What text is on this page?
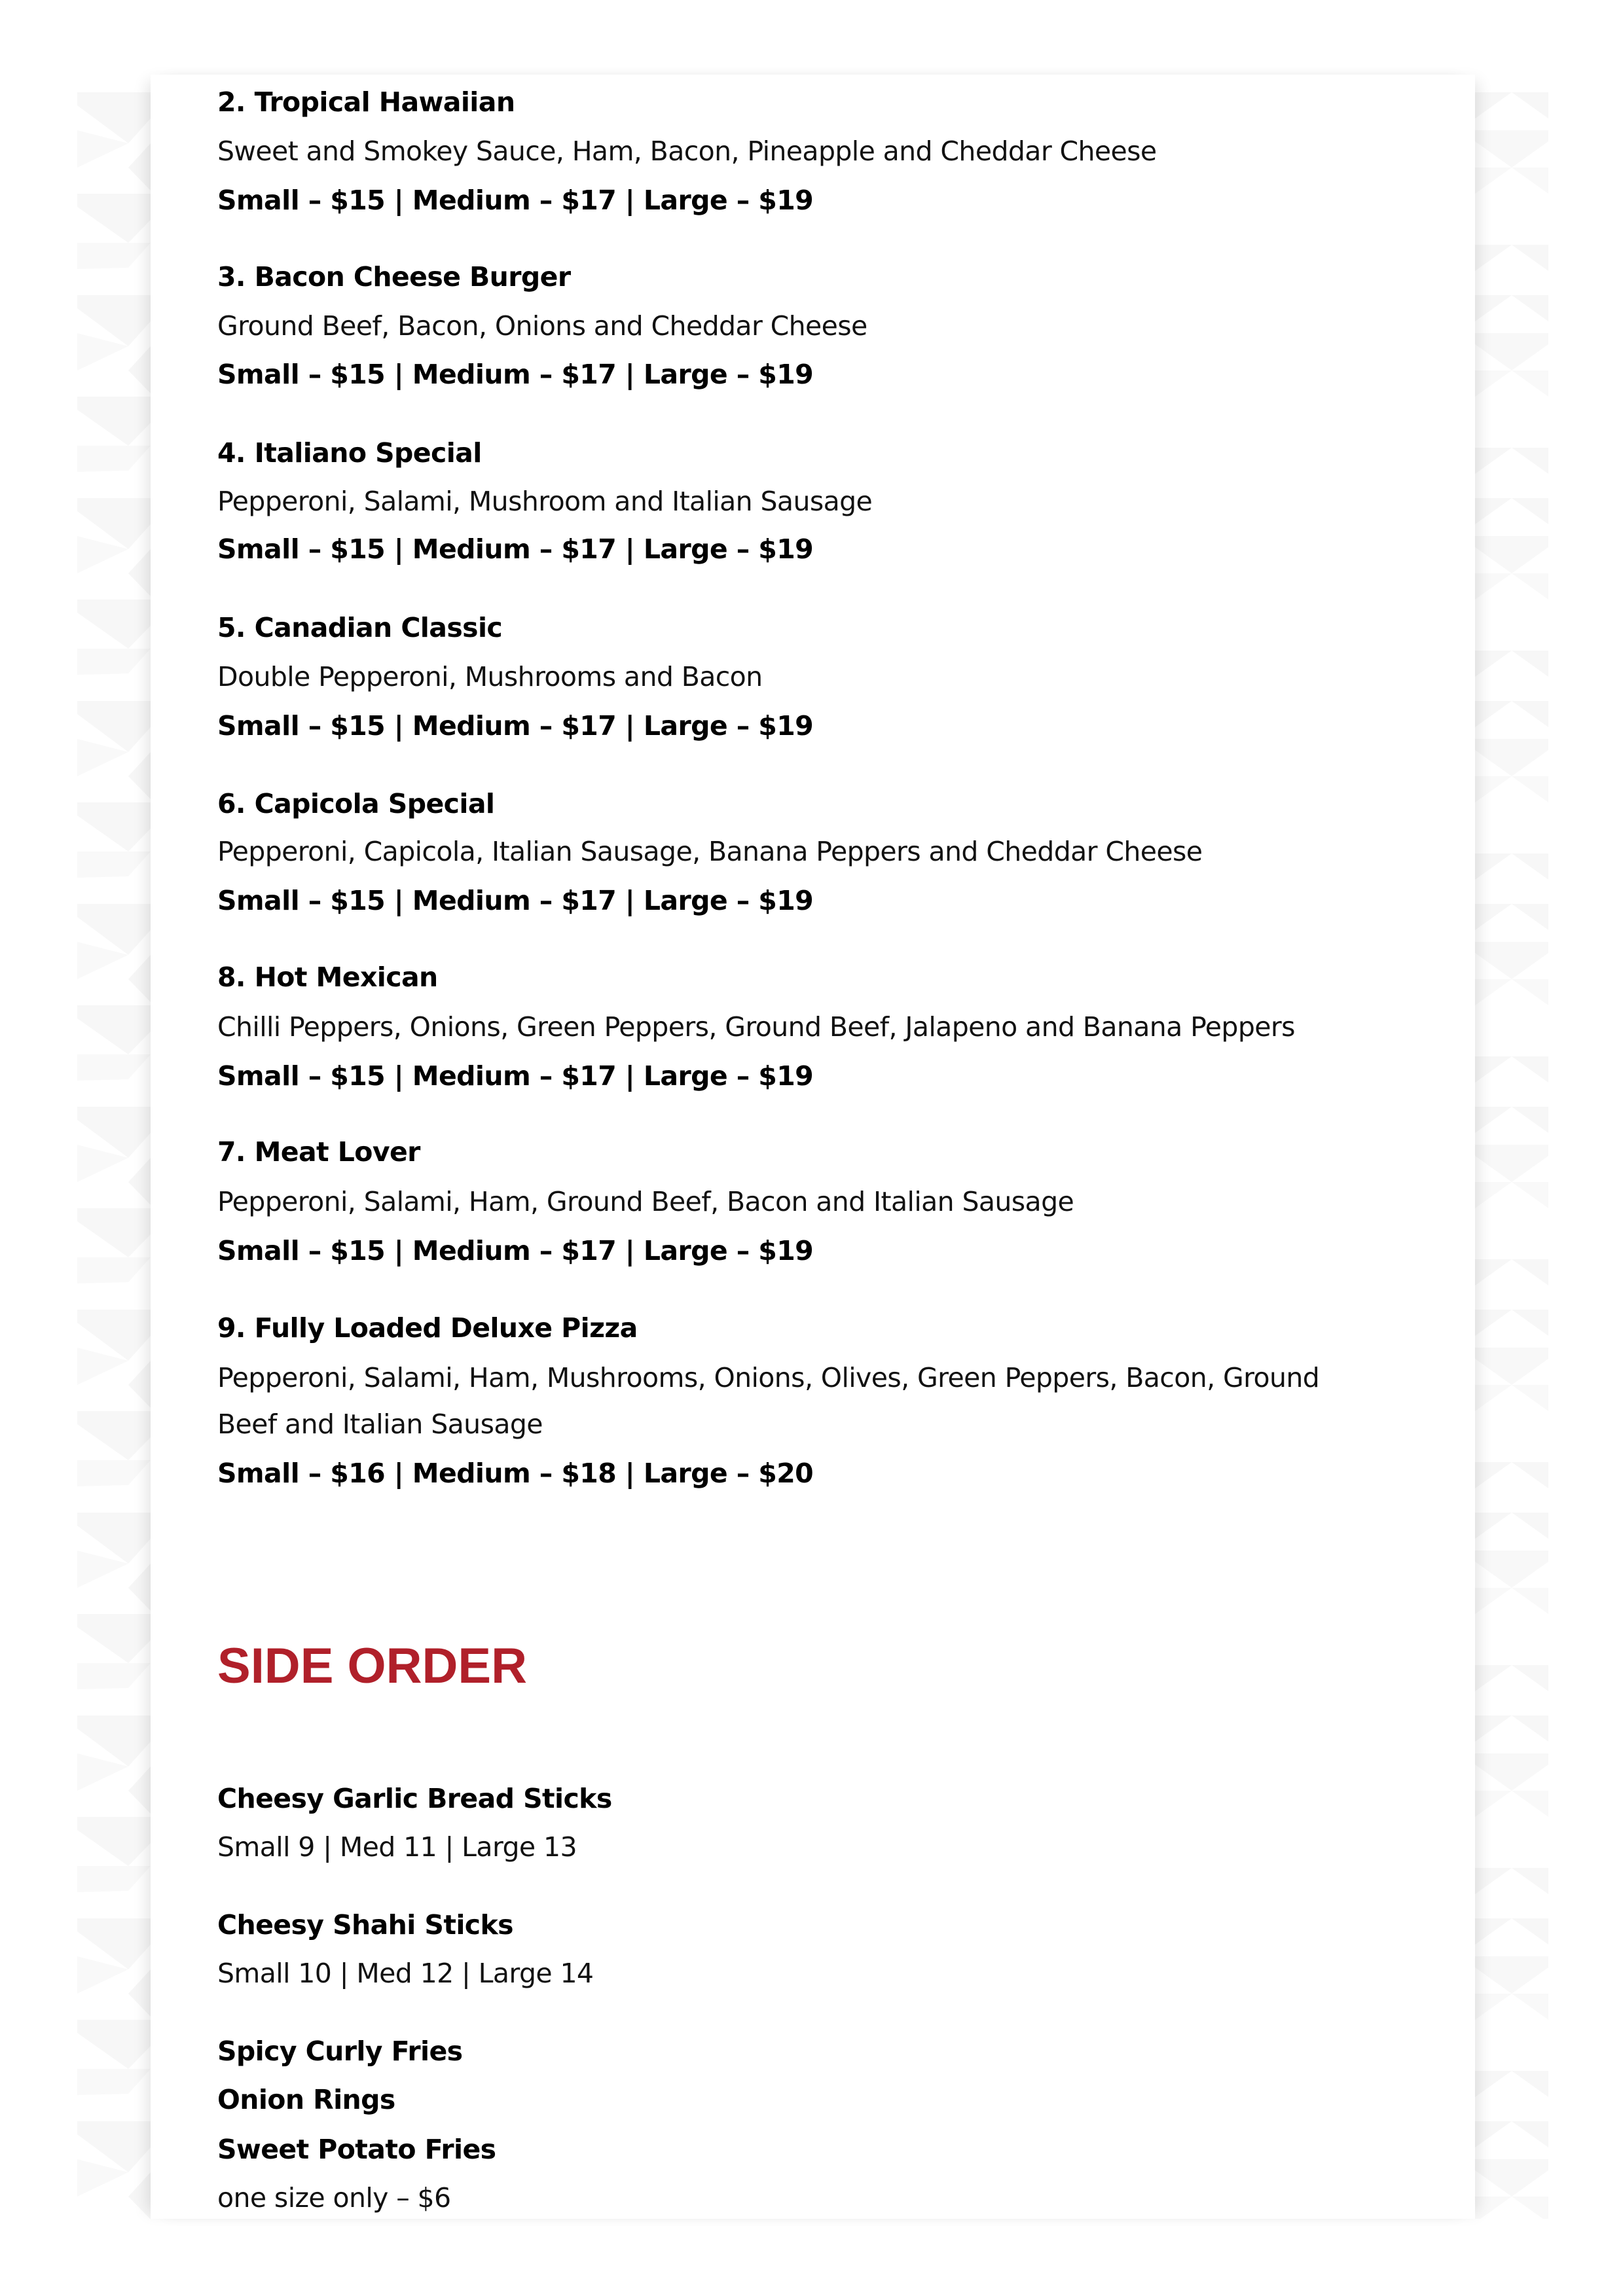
2. Tropical Hawaiian
Sweet and Smokey Sauce, Ham, Bacon, Pineapple and Cheddar Cheese
Small – $15 | Medium – $17 | Large – $19
3. Bacon Cheese Burger
Ground Beef, Bacon, Onions and Cheddar Cheese
Small – $15 | Medium – $17 | Large – $19
4. Italiano Special
Pepperoni, Salami, Mushroom and Italian Sausage
Small – $15 | Medium – $17 | Large – $19
5. Canadian Classic
Double Pepperoni, Mushrooms and Bacon
Small – $15 | Medium – $17 | Large – $19
6. Capicola Special
Pepperoni, Capicola, Italian Sausage, Banana Peppers and Cheddar Cheese
Small – $15 | Medium – $17 | Large – $19
8. Hot Mexican
Chilli Peppers, Onions, Green Peppers, Ground Beef, Jalapeno and Banana Peppers
Small – $15 | Medium – $17 | Large – $19
7. Meat Lover
Pepperoni, Salami, Ham, Ground Beef, Bacon and Italian Sausage
Small – $15 | Medium – $17 | Large – $19
9. Fully Loaded Deluxe Pizza
Pepperoni, Salami, Ham, Mushrooms, Onions, Olives, Green Peppers, Bacon, Ground
Beef and Italian Sausage
Small – $16 | Medium – $18 | Large – $20
SIDE ORDER
Cheesy Garlic Bread Sticks
Small 9 | Med 11 | Large 13
Cheesy Shahi Sticks
Small 10 | Med 12 | Large 14
Spicy Curly Fries
Onion Rings
Sweet Potato Fries
one size only – $6
